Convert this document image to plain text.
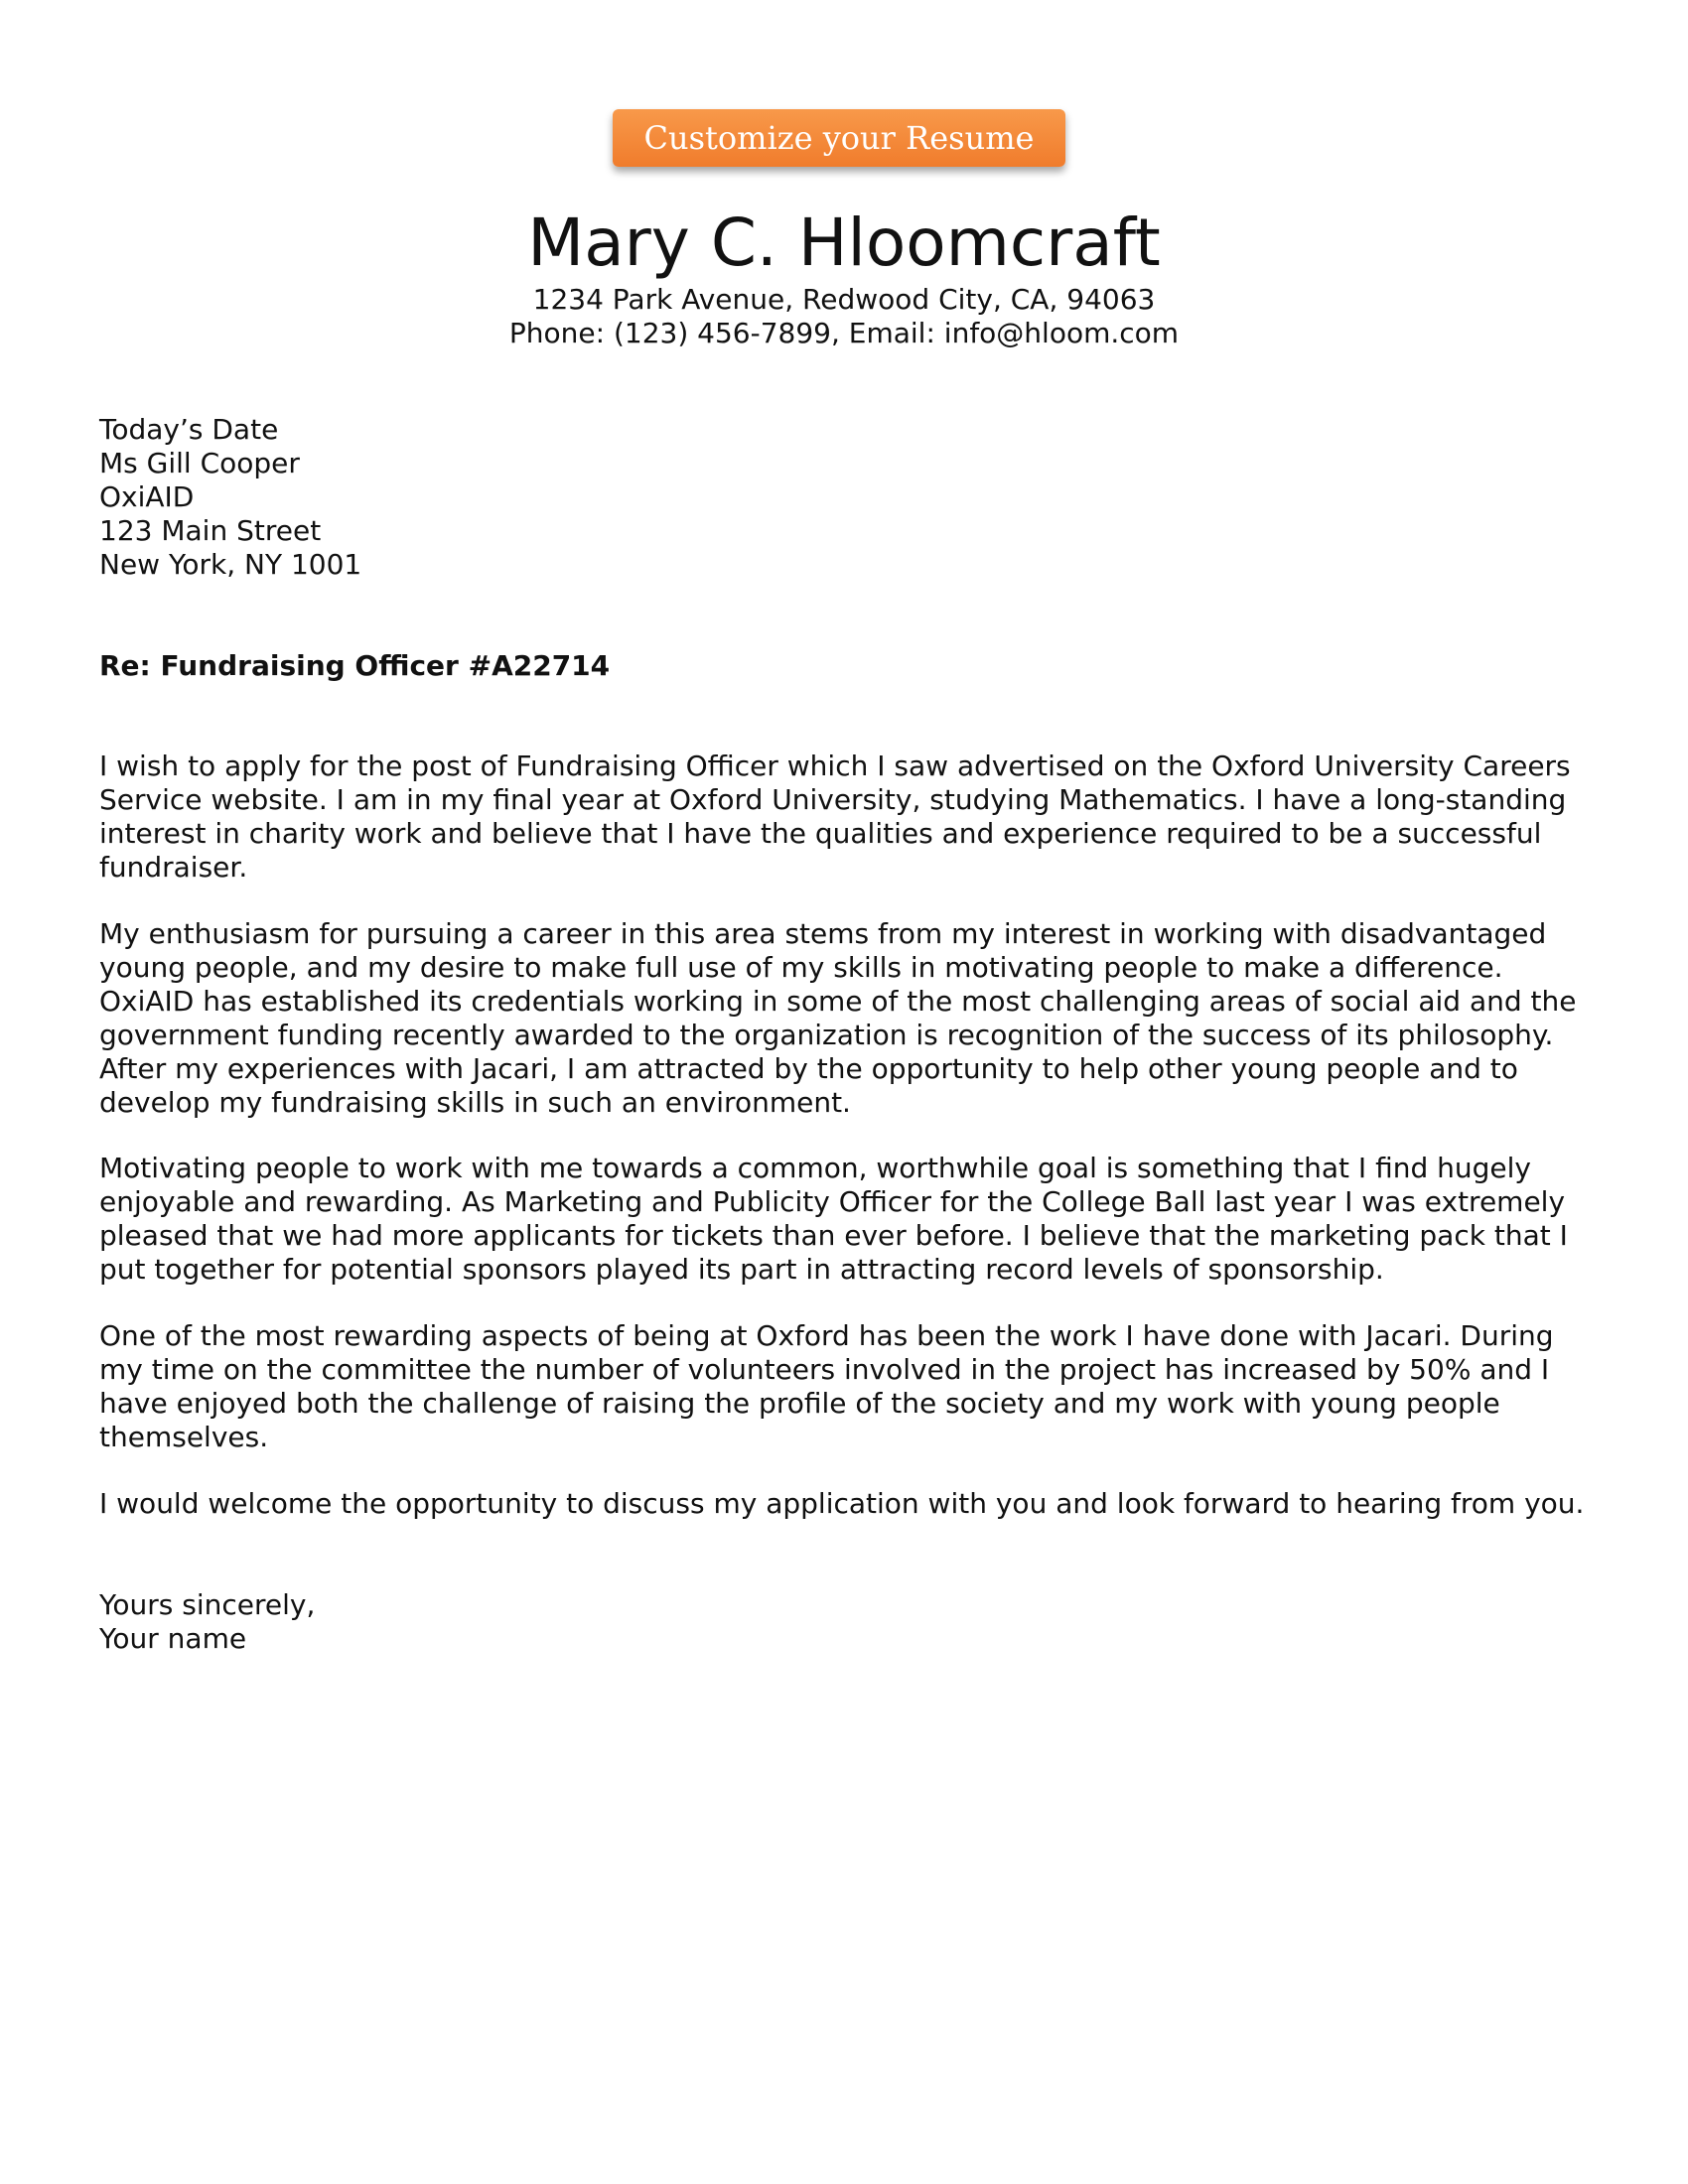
Customize your Resume
Mary C. Hloomcraft
1234 Park Avenue, Redwood City, CA, 94063
Phone: (123) 456-7899, Email: info@hloom.com
Today’s Date
Ms Gill Cooper
OxiAID
123 Main Street
New York, NY 1001
Re: Fundraising Officer #A22714
I wish to apply for the post of Fundraising Officer which I saw advertised on the Oxford University Careers
Service website. I am in my final year at Oxford University, studying Mathematics. I have a long-standing
interest in charity work and believe that I have the qualities and experience required to be a successful
fundraiser.
My enthusiasm for pursuing a career in this area stems from my interest in working with disadvantaged
young people, and my desire to make full use of my skills in motivating people to make a difference.
OxiAID has established its credentials working in some of the most challenging areas of social aid and the
government funding recently awarded to the organization is recognition of the success of its philosophy.
After my experiences with Jacari, I am attracted by the opportunity to help other young people and to
develop my fundraising skills in such an environment.
Motivating people to work with me towards a common, worthwhile goal is something that I find hugely
enjoyable and rewarding. As Marketing and Publicity Officer for the College Ball last year I was extremely
pleased that we had more applicants for tickets than ever before. I believe that the marketing pack that I
put together for potential sponsors played its part in attracting record levels of sponsorship.
One of the most rewarding aspects of being at Oxford has been the work I have done with Jacari. During
my time on the committee the number of volunteers involved in the project has increased by 50% and I
have enjoyed both the challenge of raising the profile of the society and my work with young people
themselves.
I would welcome the opportunity to discuss my application with you and look forward to hearing from you.
Yours sincerely,
Your name
